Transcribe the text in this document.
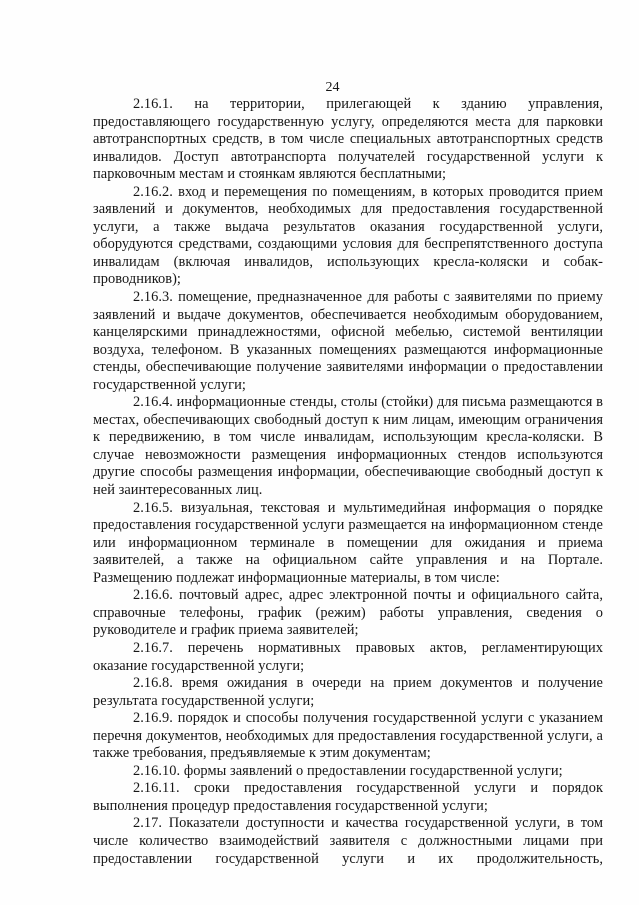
24

2.16.1. на территории, прилегающей к зданию управления, предоставляющего государственную услугу, определяются места для парковки автотранспортных средств, в том числе специальных автотранспортных средств инвалидов. Доступ автотранспорта получателей государственной услуги к парковочным местам и стоянкам являются бесплатными;

2.16.2. вход и перемещения по помещениям, в которых проводится прием заявлений и документов, необходимых для предоставления государственной услуги, а также выдача результатов оказания государственной услуги, оборудуются средствами, создающими условия для беспрепятственного доступа инвалидам (включая инвалидов, использующих кресла-коляски и собак-проводников);

2.16.3. помещение, предназначенное для работы с заявителями по приему заявлений и выдаче документов, обеспечивается необходимым оборудованием, канцелярскими принадлежностями, офисной мебелью, системой вентиляции воздуха, телефоном. В указанных помещениях размещаются информационные стенды, обеспечивающие получение заявителями информации о предоставлении государственной услуги;

2.16.4. информационные стенды, столы (стойки) для письма размещаются в местах, обеспечивающих свободный доступ к ним лицам, имеющим ограничения к передвижению, в том числе инвалидам, использующим кресла-коляски. В случае невозможности размещения информационных стендов используются другие способы размещения информации, обеспечивающие свободный доступ к ней заинтересованных лиц.

2.16.5. визуальная, текстовая и мультимедийная информация о порядке предоставления государственной услуги размещается на информационном стенде или информационном терминале в помещении для ожидания и приема заявителей, а также на официальном сайте управления и на Портале. Размещению подлежат информационные материалы, в том числе:

2.16.6. почтовый адрес, адрес электронной почты и официального сайта, справочные телефоны, график (режим) работы управления, сведения о руководителе и график приема заявителей;

2.16.7. перечень нормативных правовых актов, регламентирующих оказание государственной услуги;

2.16.8. время ожидания в очереди на прием документов и получение результата государственной услуги;

2.16.9. порядок и способы получения государственной услуги с указанием перечня документов, необходимых для предоставления государственной услуги, а также требования, предъявляемые к этим документам;

2.16.10. формы заявлений о предоставлении государственной услуги;

2.16.11. сроки предоставления государственной услуги и порядок выполнения процедур предоставления государственной услуги;

2.17. Показатели доступности и качества государственной услуги, в том числе количество взаимодействий заявителя с должностными лицами при предоставлении государственной услуги и их продолжительность,
